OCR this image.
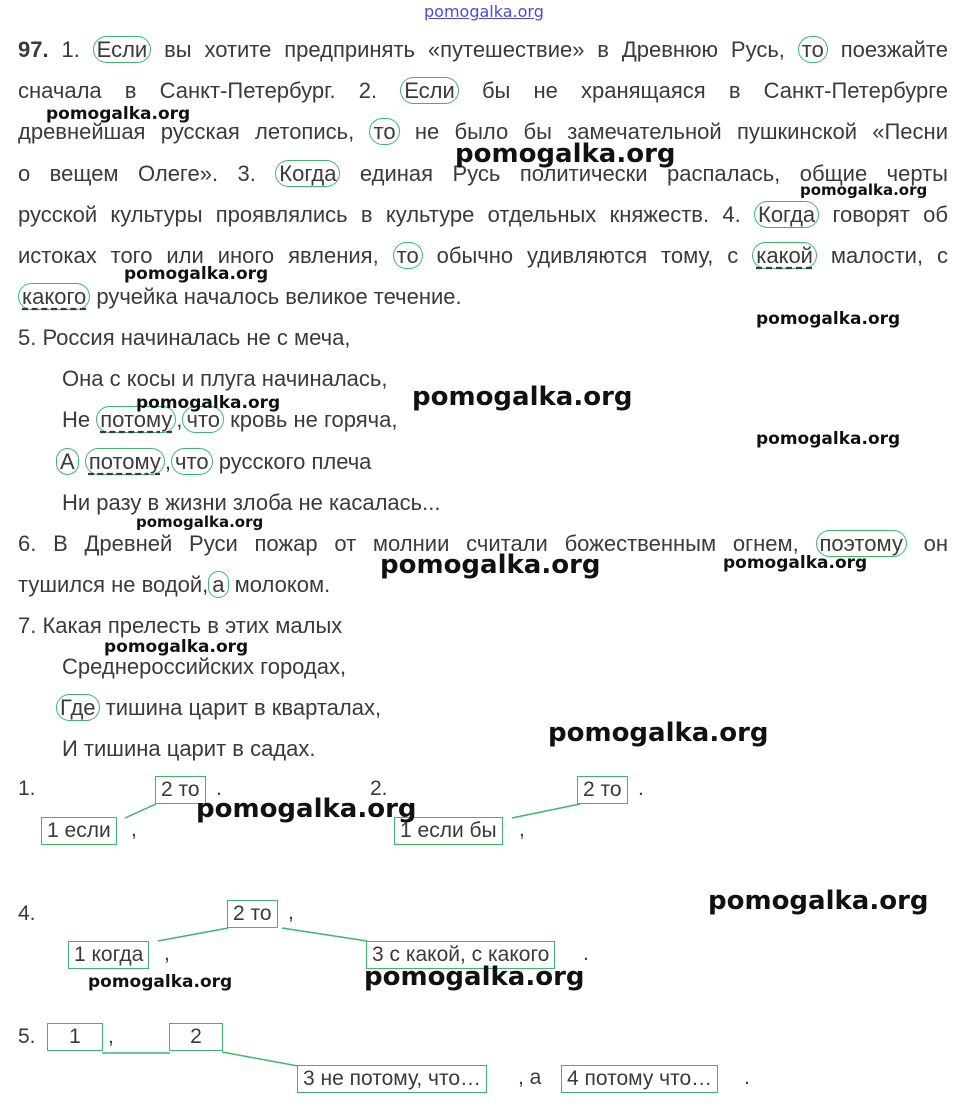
pomogalka.org
97. 1. Если вы хотите предпринять «путешествие» в Древнюю Русь, то поезжайте
сначала в Санкт-Петербург. 2. Если бы не хранящаяся в Санкт-Петербурге
древнейшая русская летопись, то не было бы замечательной пушкинской «Песни
о вещем Олеге». 3. Когда единая Русь политически распалась, общие черты
русской культуры проявлялись в культуре отдельных княжеств. 4. Когда говорят об
истоках того или иного явления, то обычно удивляются тому, с какой малости, с
какого ручейка началось великое течение.
5. Россия начиналась не с меча,
Она с косы и плуга начиналась,
Не потому , что кровь не горяча,
А потому , что русского плеча
Ни разу в жизни злоба не касалась...
6. В Древней Руси пожар от молнии считали божественным огнем, поэтому он
тушился не водой, а молоком.
7. Какая прелесть в этих малых
Среднероссийских городах,
Где тишина царит в кварталах,
И тишина царит в садах.
1.	2 то .
1 если ,
2.	2 то .
1 если бы ,
4.	2 то ,
1 когда ,	3 с какой, с какого .
5.	1	,	2
3 не потому, что… , а 4 потому что… .
pomogalka.org
pomogalka.org
pomogalka.org
pomogalka.org
pomogalka.org
pomogalka.org
pomogalka.org
pomogalka.org
pomogalka.org
pomogalka.org	pomogalka.org
pomogalka.org
pomogalka.org
pomogalka.org
pomogalka.org
pomogalka.org	pomogalka.org
